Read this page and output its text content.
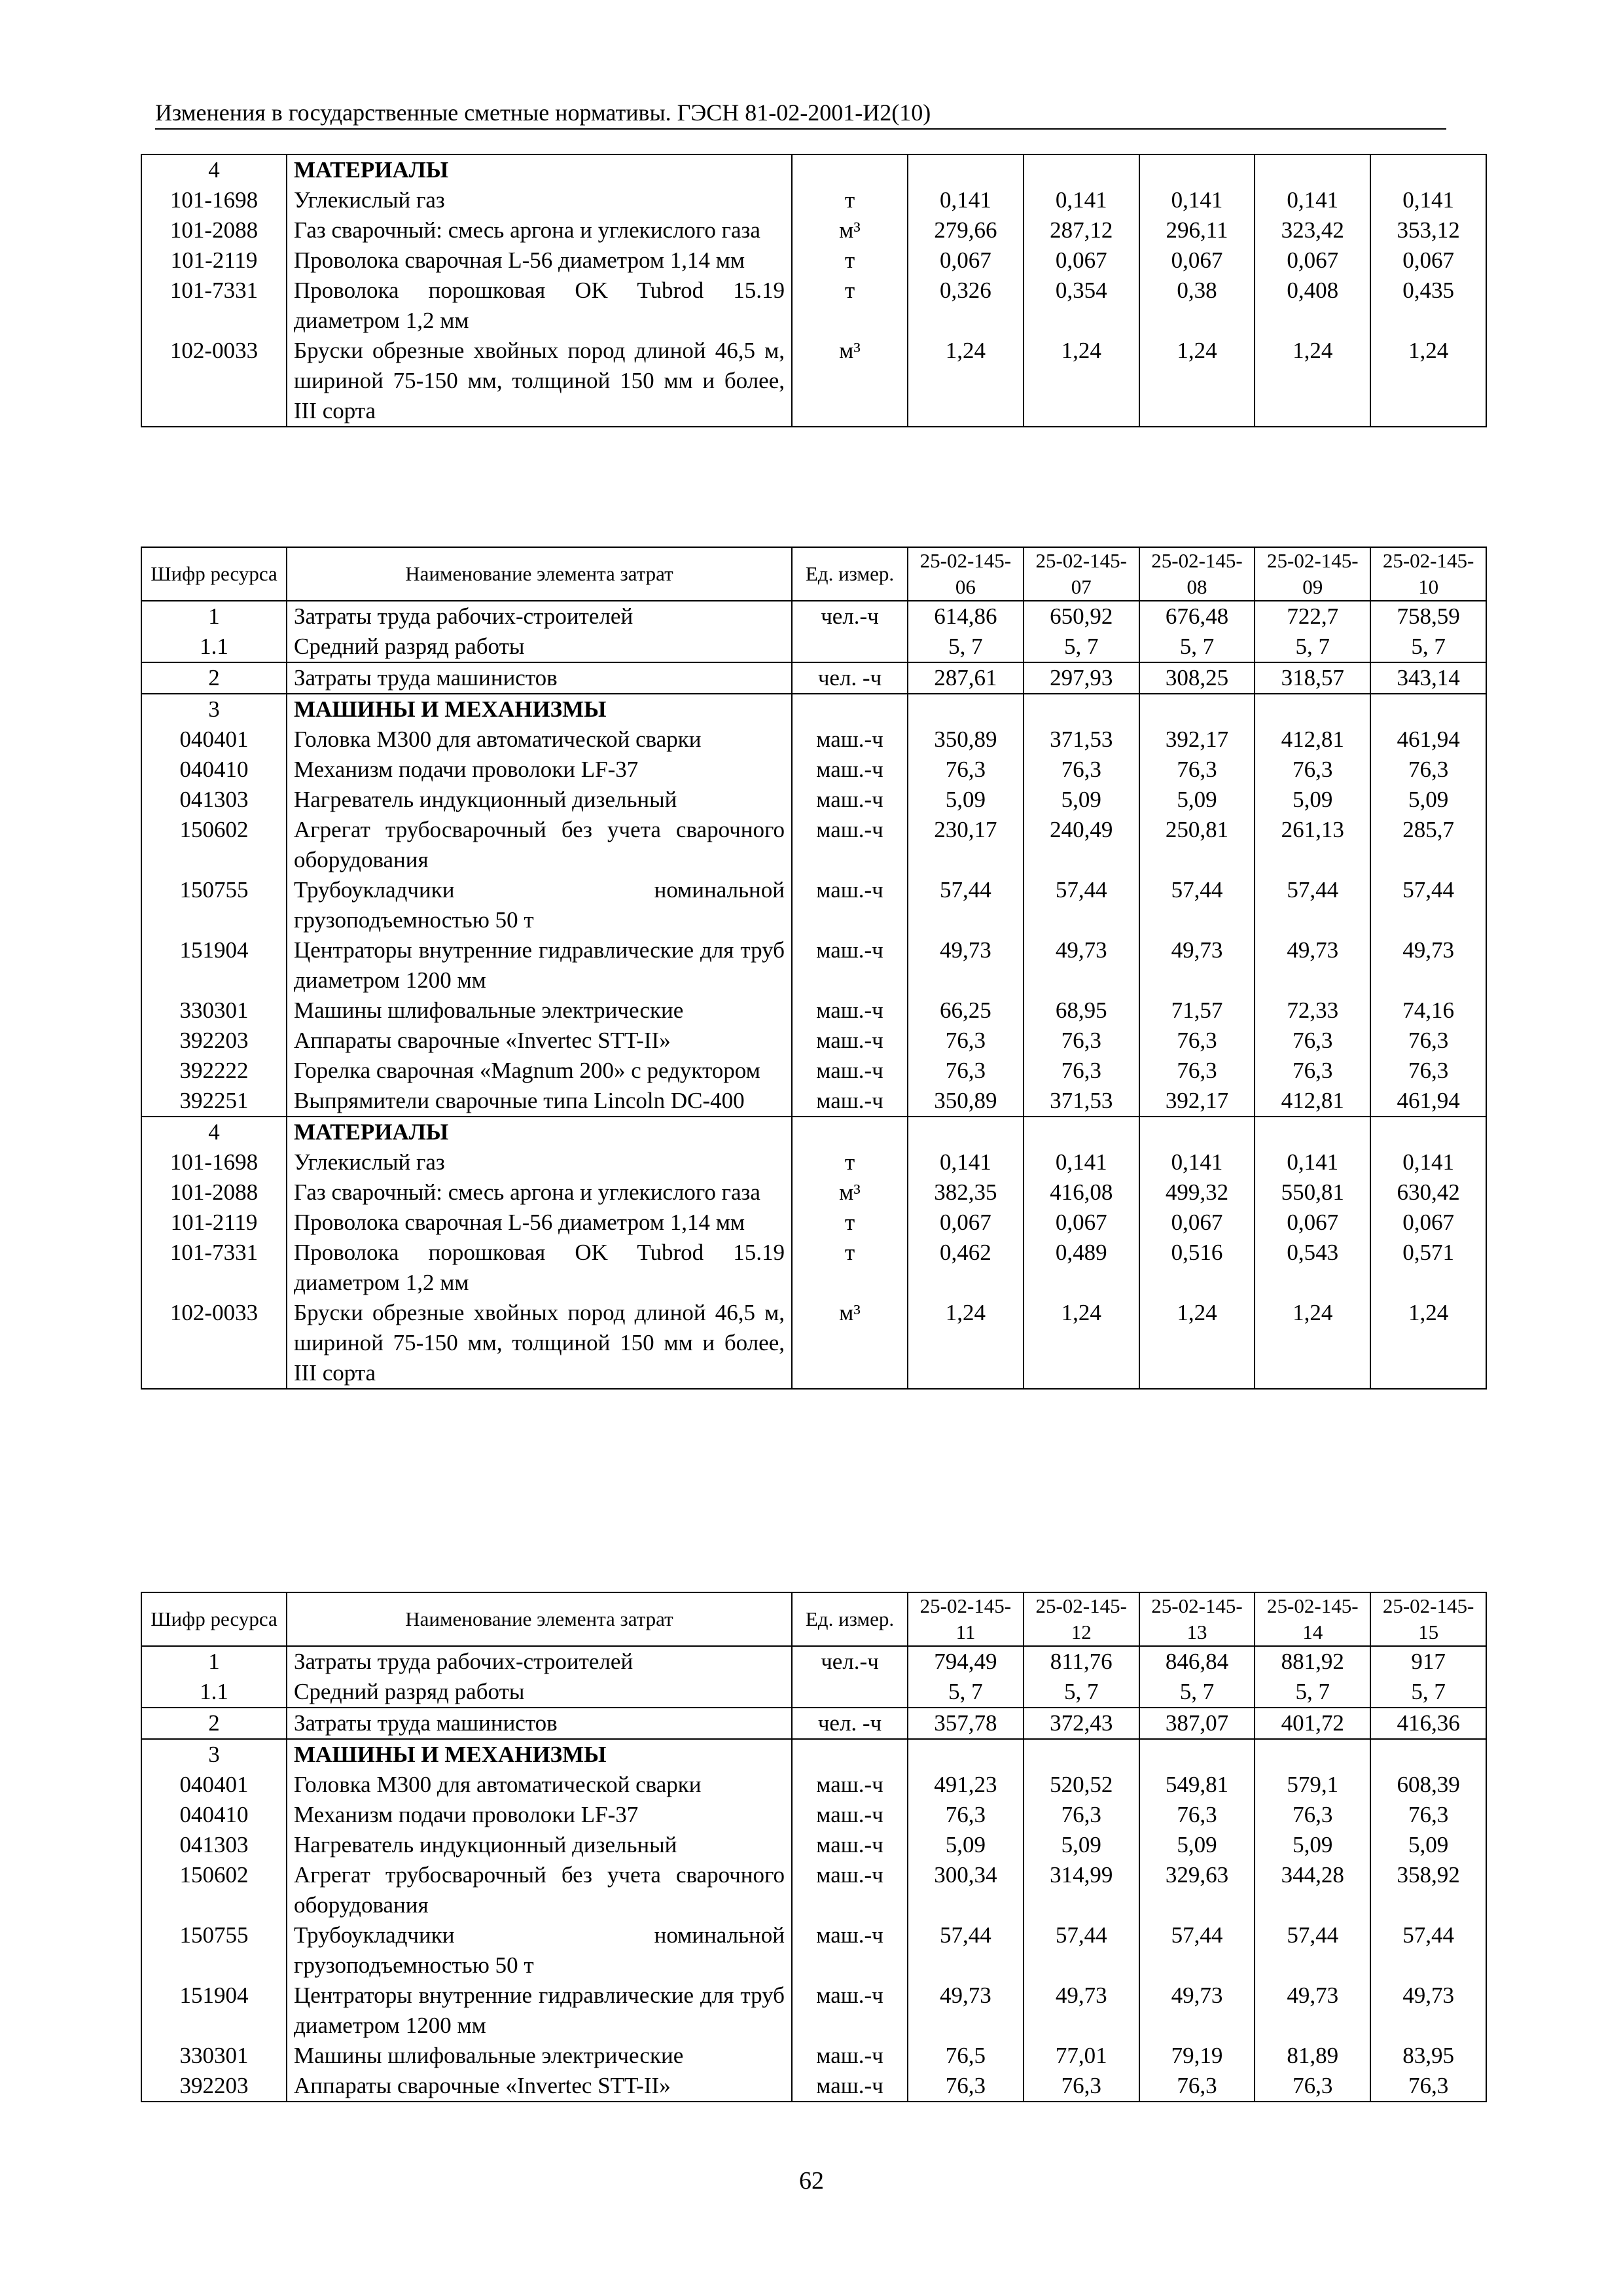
Изменения в государственные сметные нормативы. ГЭСН 81-02-2001-И2(10)
4	МАТЕРИАЛЫ						
101-1698	Углекислый газ	т	0,141	0,141	0,141	0,141	0,141
101-2088	Газ сварочный: смесь аргона и углекислого газа	м³	279,66	287,12	296,11	323,42	353,12
101-2119	Проволока сварочная L-56 диаметром 1,14 мм	т	0,067	0,067	0,067	0,067	0,067
101-7331	Проволока порошковая OK Tubrod 15.19 диаметром 1,2 мм	т	0,326	0,354	0,38	0,408	0,435
102-0033	Бруски обрезные хвойных пород длиной 46,5 м, шириной 75-150 мм, толщиной 150 мм и более, III сорта	м³	1,24	1,24	1,24	1,24	1,24
Шифр ресурса	Наименование элемента затрат	Ед. измер.	25-02-145-06	25-02-145-07	25-02-145-08	25-02-145-09	25-02-145-10
1	Затраты труда рабочих-строителей	чел.-ч	614,86	650,92	676,48	722,7	758,59
1.1	Средний разряд работы		5, 7	5, 7	5, 7	5, 7	5, 7
2	Затраты труда машинистов	чел. -ч	287,61	297,93	308,25	318,57	343,14
3	МАШИНЫ И МЕХАНИЗМЫ						
040401	Головка М300 для автоматической сварки	маш.-ч	350,89	371,53	392,17	412,81	461,94
040410	Механизм подачи проволоки LF-37	маш.-ч	76,3	76,3	76,3	76,3	76,3
041303	Нагреватель индукционный дизельный	маш.-ч	5,09	5,09	5,09	5,09	5,09
150602	Агрегат трубосварочный без учета сварочного оборудования	маш.-ч	230,17	240,49	250,81	261,13	285,7
150755	Трубоукладчики номинальной грузоподъемностью 50 т	маш.-ч	57,44	57,44	57,44	57,44	57,44
151904	Центраторы внутренние гидравлические для труб диаметром 1200 мм	маш.-ч	49,73	49,73	49,73	49,73	49,73
330301	Машины шлифовальные электрические	маш.-ч	66,25	68,95	71,57	72,33	74,16
392203	Аппараты сварочные «Invertec STT-II»	маш.-ч	76,3	76,3	76,3	76,3	76,3
392222	Горелка сварочная «Magnum 200» с редуктором	маш.-ч	76,3	76,3	76,3	76,3	76,3
392251	Выпрямители сварочные типа Lincoln DC-400	маш.-ч	350,89	371,53	392,17	412,81	461,94
4	МАТЕРИАЛЫ						
101-1698	Углекислый газ	т	0,141	0,141	0,141	0,141	0,141
101-2088	Газ сварочный: смесь аргона и углекислого газа	м³	382,35	416,08	499,32	550,81	630,42
101-2119	Проволока сварочная L-56 диаметром 1,14 мм	т	0,067	0,067	0,067	0,067	0,067
101-7331	Проволока порошковая OK Tubrod 15.19 диаметром 1,2 мм	т	0,462	0,489	0,516	0,543	0,571
102-0033	Бруски обрезные хвойных пород длиной 46,5 м, шириной 75-150 мм, толщиной 150 мм и более, III сорта	м³	1,24	1,24	1,24	1,24	1,24
Шифр ресурса	Наименование элемента затрат	Ед. измер.	25-02-145-11	25-02-145-12	25-02-145-13	25-02-145-14	25-02-145-15
1	Затраты труда рабочих-строителей	чел.-ч	794,49	811,76	846,84	881,92	917
1.1	Средний разряд работы		5, 7	5, 7	5, 7	5, 7	5, 7
2	Затраты труда машинистов	чел. -ч	357,78	372,43	387,07	401,72	416,36
3	МАШИНЫ И МЕХАНИЗМЫ						
040401	Головка М300 для автоматической сварки	маш.-ч	491,23	520,52	549,81	579,1	608,39
040410	Механизм подачи проволоки LF-37	маш.-ч	76,3	76,3	76,3	76,3	76,3
041303	Нагреватель индукционный дизельный	маш.-ч	5,09	5,09	5,09	5,09	5,09
150602	Агрегат трубосварочный без учета сварочного оборудования	маш.-ч	300,34	314,99	329,63	344,28	358,92
150755	Трубоукладчики номинальной грузоподъемностью 50 т	маш.-ч	57,44	57,44	57,44	57,44	57,44
151904	Центраторы внутренние гидравлические для труб диаметром 1200 мм	маш.-ч	49,73	49,73	49,73	49,73	49,73
330301	Машины шлифовальные электрические	маш.-ч	76,5	77,01	79,19	81,89	83,95
392203	Аппараты сварочные «Invertec STT-II»	маш.-ч	76,3	76,3	76,3	76,3	76,3
62
